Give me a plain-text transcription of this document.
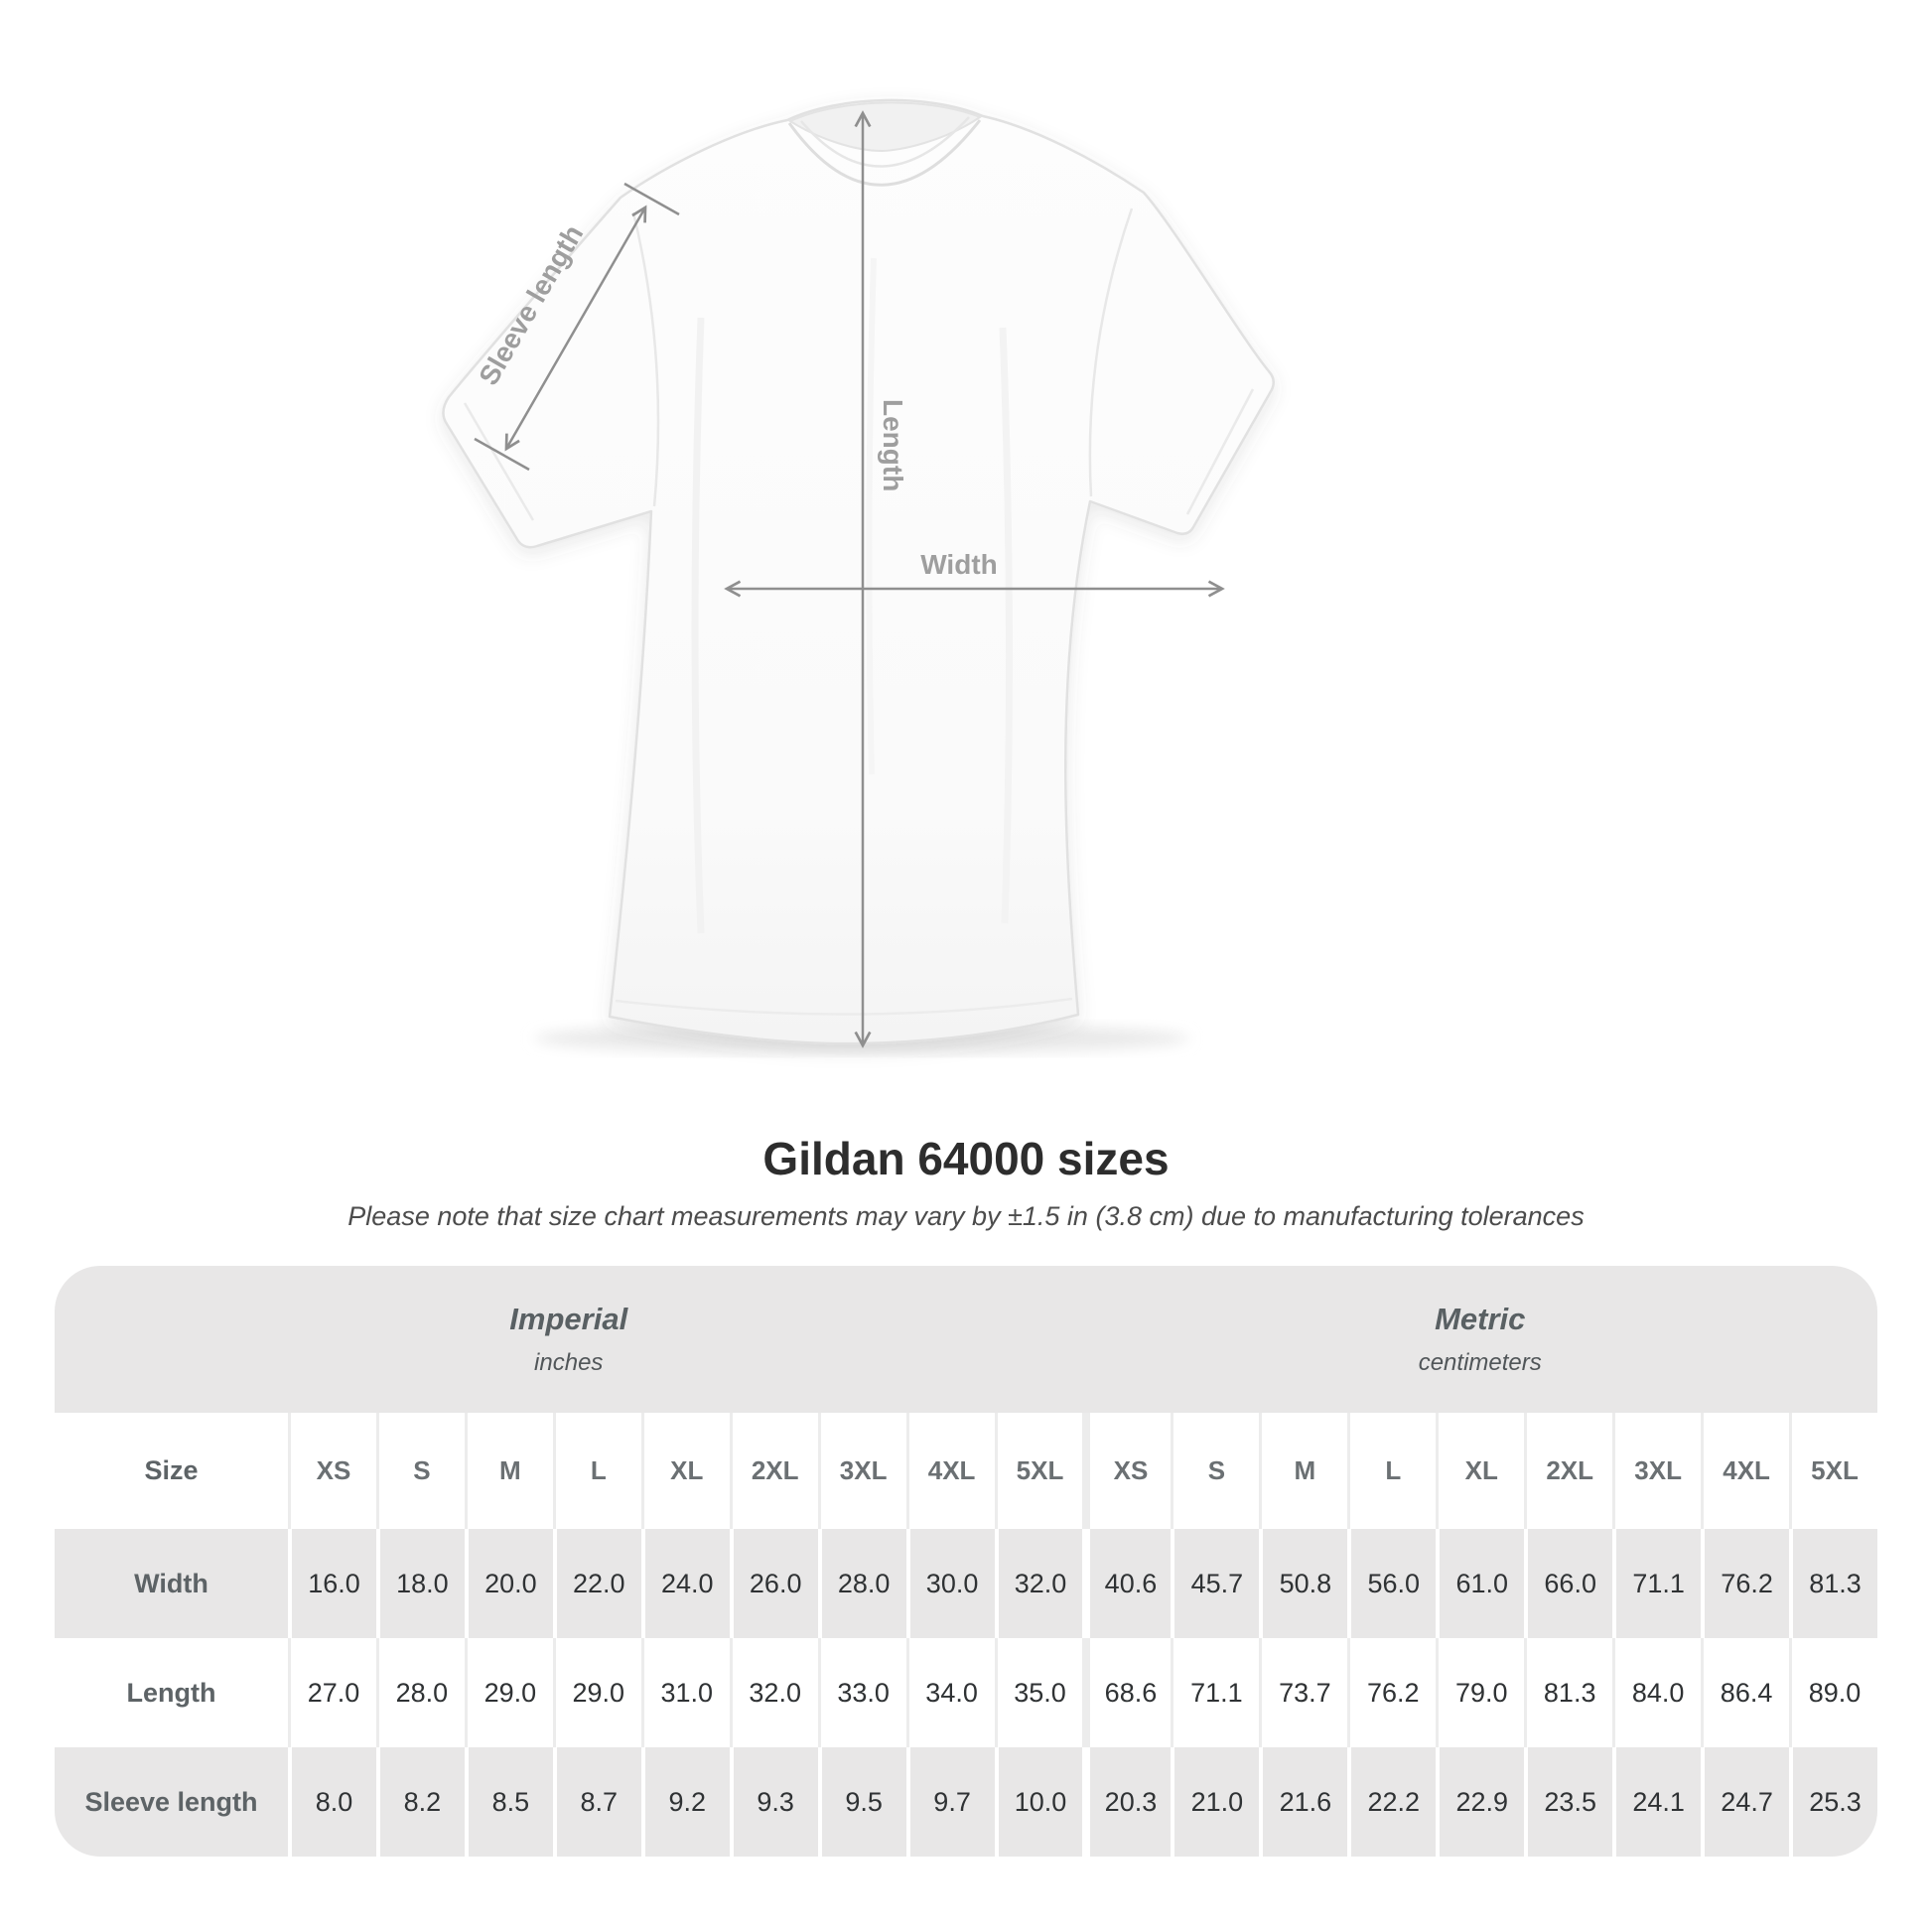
Width
Length
Sleeve length
Gildan 64000 sizes

Please note that size chart measurements may vary by ±1.5 in (3.8 cm) due to manufacturing tolerances

Imperial
inches
Metric
centimeters
Size	XS	S	M	L	XL	2XL	3XL	4XL	5XL	XS	S	M	L	XL	2XL	3XL	4XL	5XL
Width	16.0	18.0	20.0	22.0	24.0	26.0	28.0	30.0	32.0	40.6	45.7	50.8	56.0	61.0	66.0	71.1	76.2	81.3
Length	27.0	28.0	29.0	29.0	31.0	32.0	33.0	34.0	35.0	68.6	71.1	73.7	76.2	79.0	81.3	84.0	86.4	89.0
Sleeve length	8.0	8.2	8.5	8.7	9.2	9.3	9.5	9.7	10.0	20.3	21.0	21.6	22.2	22.9	23.5	24.1	24.7	25.3
